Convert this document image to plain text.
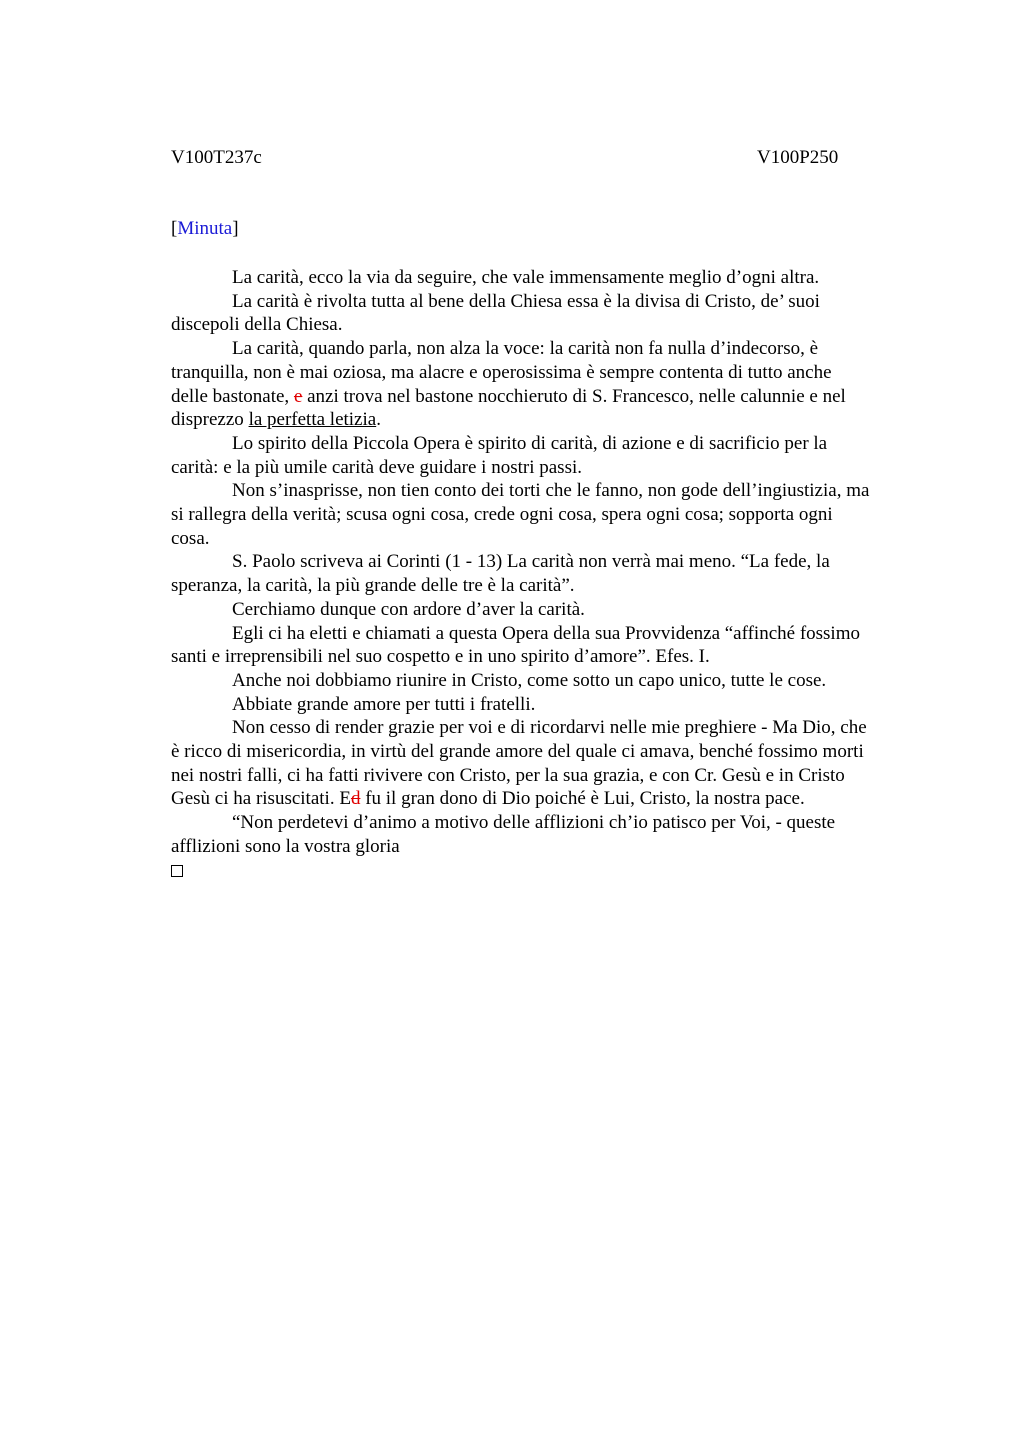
V100T237c	V100P250
[Minuta]

La carità, ecco la via da seguire, che vale immensamente meglio d’ogni altra.

La carità è rivolta tutta al bene della Chiesa essa è la divisa di Cristo, de’ suoi

discepoli della Chiesa.

La carità, quando parla, non alza la voce: la carità non fa nulla d’indecorso, è

tranquilla, non è mai oziosa, ma alacre e operosissima è sempre contenta di tutto anche

delle bastonate, e anzi trova nel bastone nocchieruto di S. Francesco, nelle calunnie e nel

disprezzo la perfetta letizia.

Lo spirito della Piccola Opera è spirito di carità, di azione e di sacrificio per la

carità: e la più umile carità deve guidare i nostri passi.

Non s’inasprisse, non tien conto dei torti che le fanno, non gode dell’ingiustizia, ma

si rallegra della verità; scusa ogni cosa, crede ogni cosa, spera ogni cosa; sopporta ogni

cosa.

S. Paolo scriveva ai Corinti (1 - 13) La carità non verrà mai meno. “La fede, la

speranza, la carità, la più grande delle tre è la carità”.

Cerchiamo dunque con ardore d’aver la carità.

Egli ci ha eletti e chiamati a questa Opera della sua Provvidenza “affinché fossimo

santi e irreprensibili nel suo cospetto e in uno spirito d’amore”. Efes. I.

Anche noi dobbiamo riunire in Cristo, come sotto un capo unico, tutte le cose.

Abbiate grande amore per tutti i fratelli.

Non cesso di render grazie per voi e di ricordarvi nelle mie preghiere - Ma Dio, che

è ricco di misericordia, in virtù del grande amore del quale ci amava, benché fossimo morti

nei nostri falli, ci ha fatti rivivere con Cristo, per la sua grazia, e con Cr. Gesù e in Cristo

Gesù ci ha risuscitati. Ed fu il gran dono di Dio poiché è Lui, Cristo, la nostra pace.

“Non perdetevi d’animo a motivo delle afflizioni ch’io patisco per Voi, - queste

afflizioni sono la vostra gloria
